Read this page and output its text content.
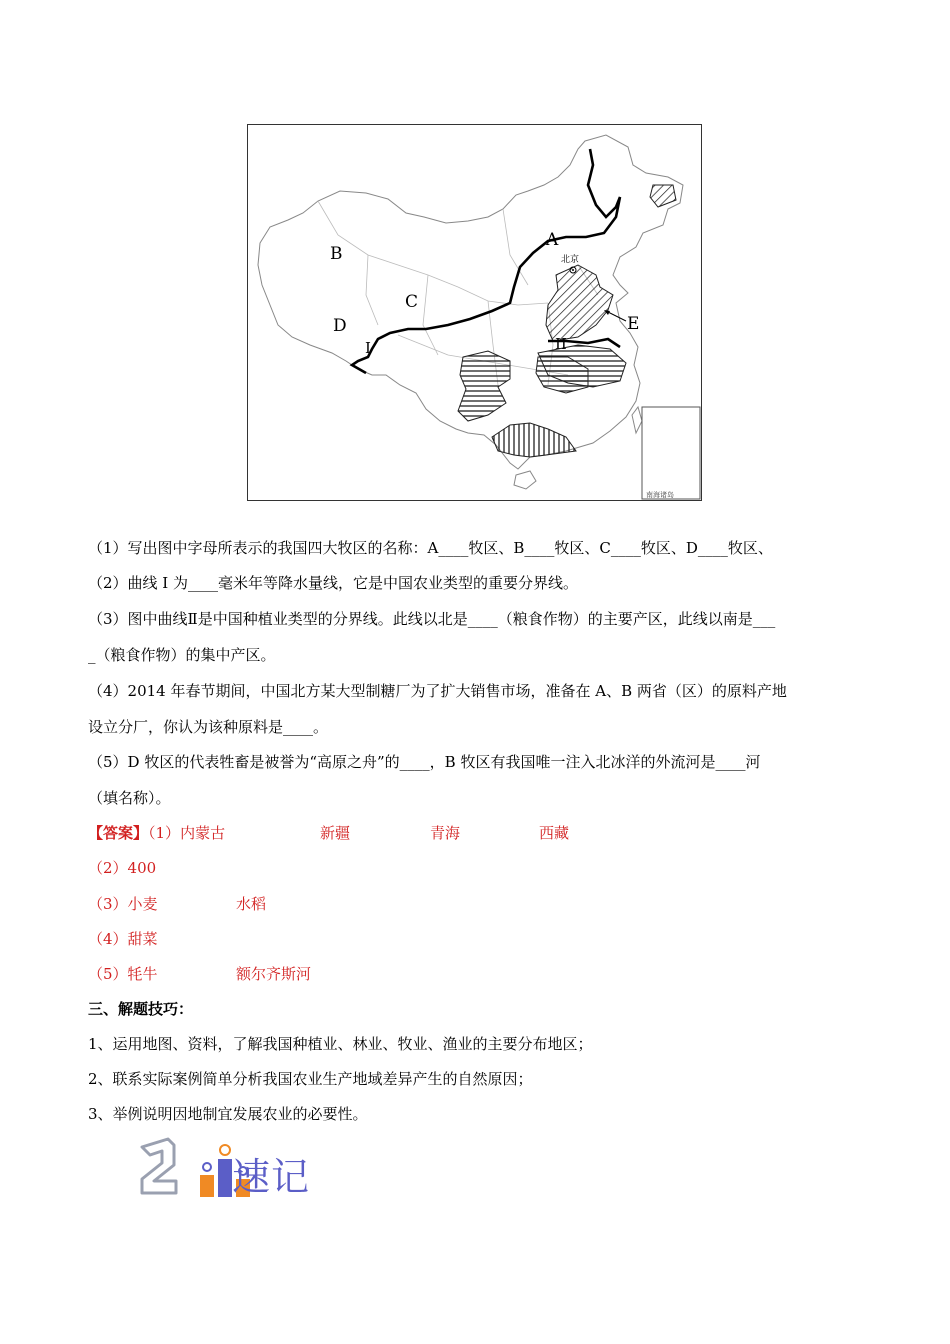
南海诸岛
北京
A
B
C
D	E
I	II
（1）写出图中字母所表示的我国四大牧区的名称：A____牧区、B____牧区、C____牧区、D____牧区、
（2）曲线 I 为____毫米年等降水量线，它是中国农业类型的重要分界线。
（3）图中曲线Ⅱ是中国种植业类型的分界线。此线以北是____（粮食作物）的主要产区，此线以南是___
_（粮食作物）的集中产区。
（4）2014 年春节期间，中国北方某大型制糖厂为了扩大销售市场，准备在 A、B 两省（区）的原料产地
设立分厂，你认为该种原料是____。
（5）D 牧区的代表牲畜是被誉为“高原之舟”的____，B 牧区有我国唯一注入北冰洋的外流河是____河
（填名称）。
【答案】（1）内蒙古	新疆	青海	西藏
（2）400
（3）小麦	水稻
（4）甜菜
（5）牦牛	额尔齐斯河
三、解题技巧：
1、运用地图、资料，了解我国种植业、林业、牧业、渔业的主要分布地区；
2、联系实际案例简单分析我国农业生产地域差异产生的自然原因；
3、举例说明因地制宜发展农业的必要性。
速记
